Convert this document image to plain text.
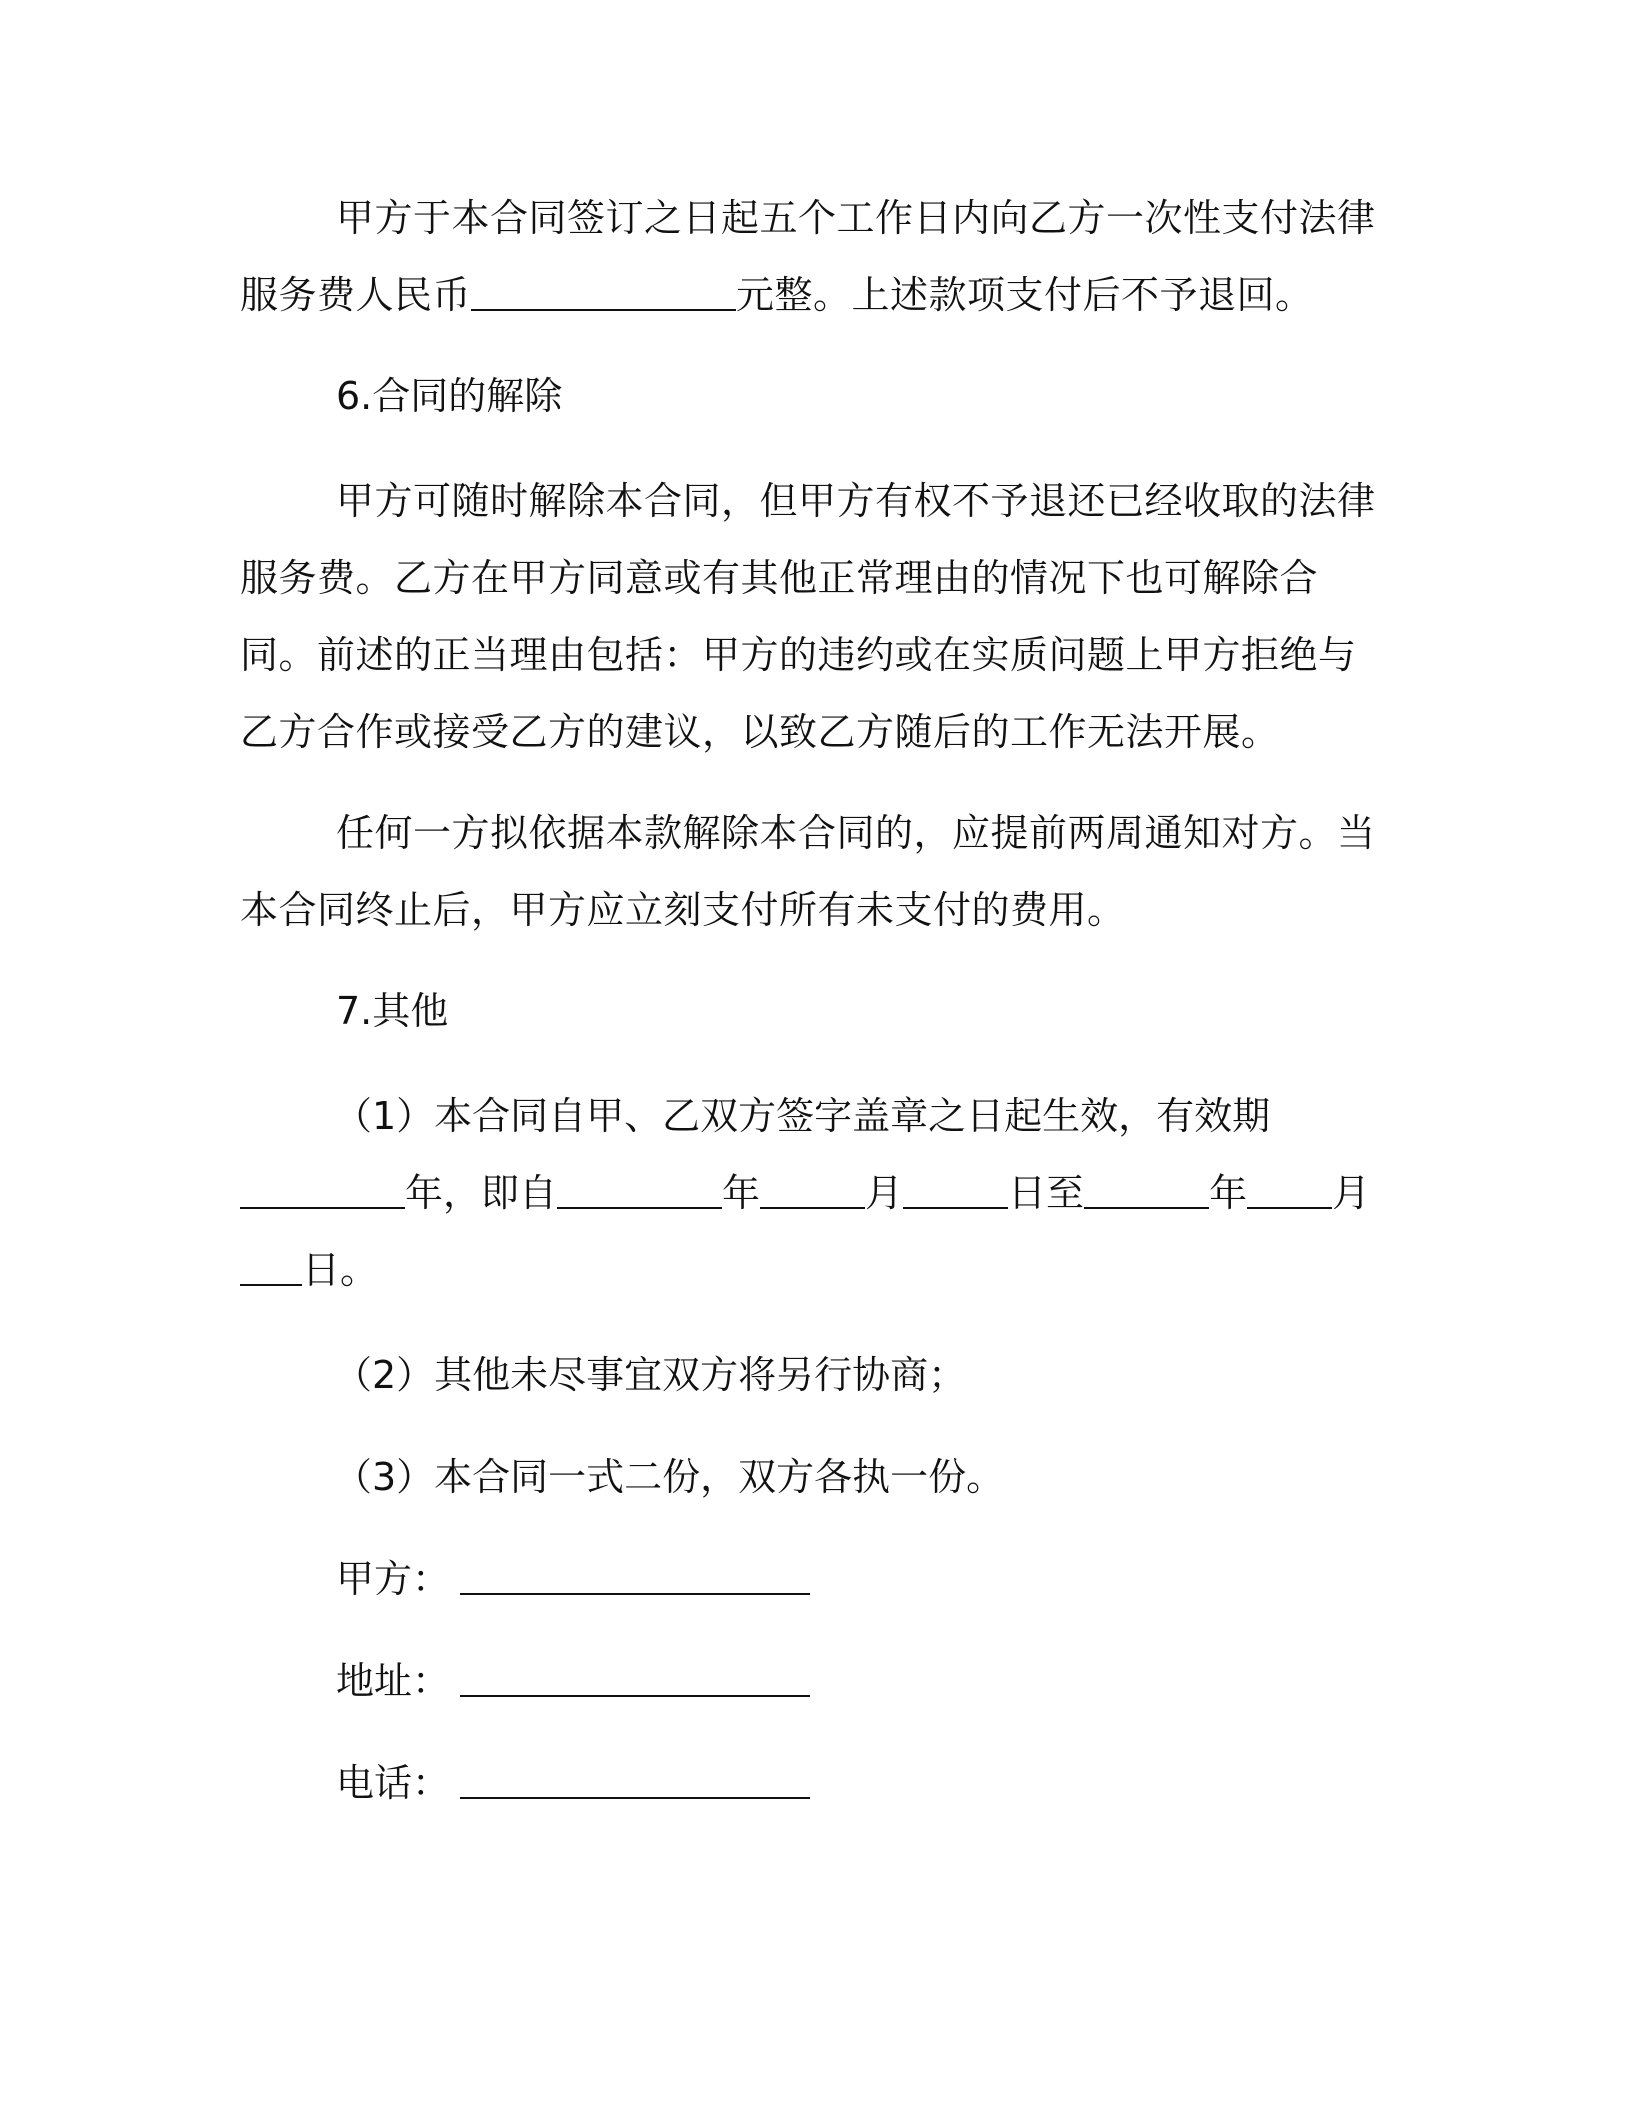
甲方于本合同签订之日起五个工作日内向乙方一次性支付法律服务费人民币	元整。上述款项支付后不予退回。

6.合同的解除

甲方可随时解除本合同，但甲方有权不予退还已经收取的法律服务费。乙方在甲方同意或有其他正常理由的情况下也可解除合同。前述的正当理由包括：甲方的违约或在实质问题上甲方拒绝与乙方合作或接受乙方的建议，以致乙方随后的工作无法开展。

任何一方拟依据本款解除本合同的，应提前两周通知对方。当本合同终止后，甲方应立刻支付所有未支付的费用。

7.其他

（1）本合同自甲、乙双方签字盖章之日起生效，有效期

年，即自	年	月	日至	年 月

日。

（2）其他未尽事宜双方将另行协商；

（3）本合同一式二份，双方各执一份。

甲方：

地址：

电话：
